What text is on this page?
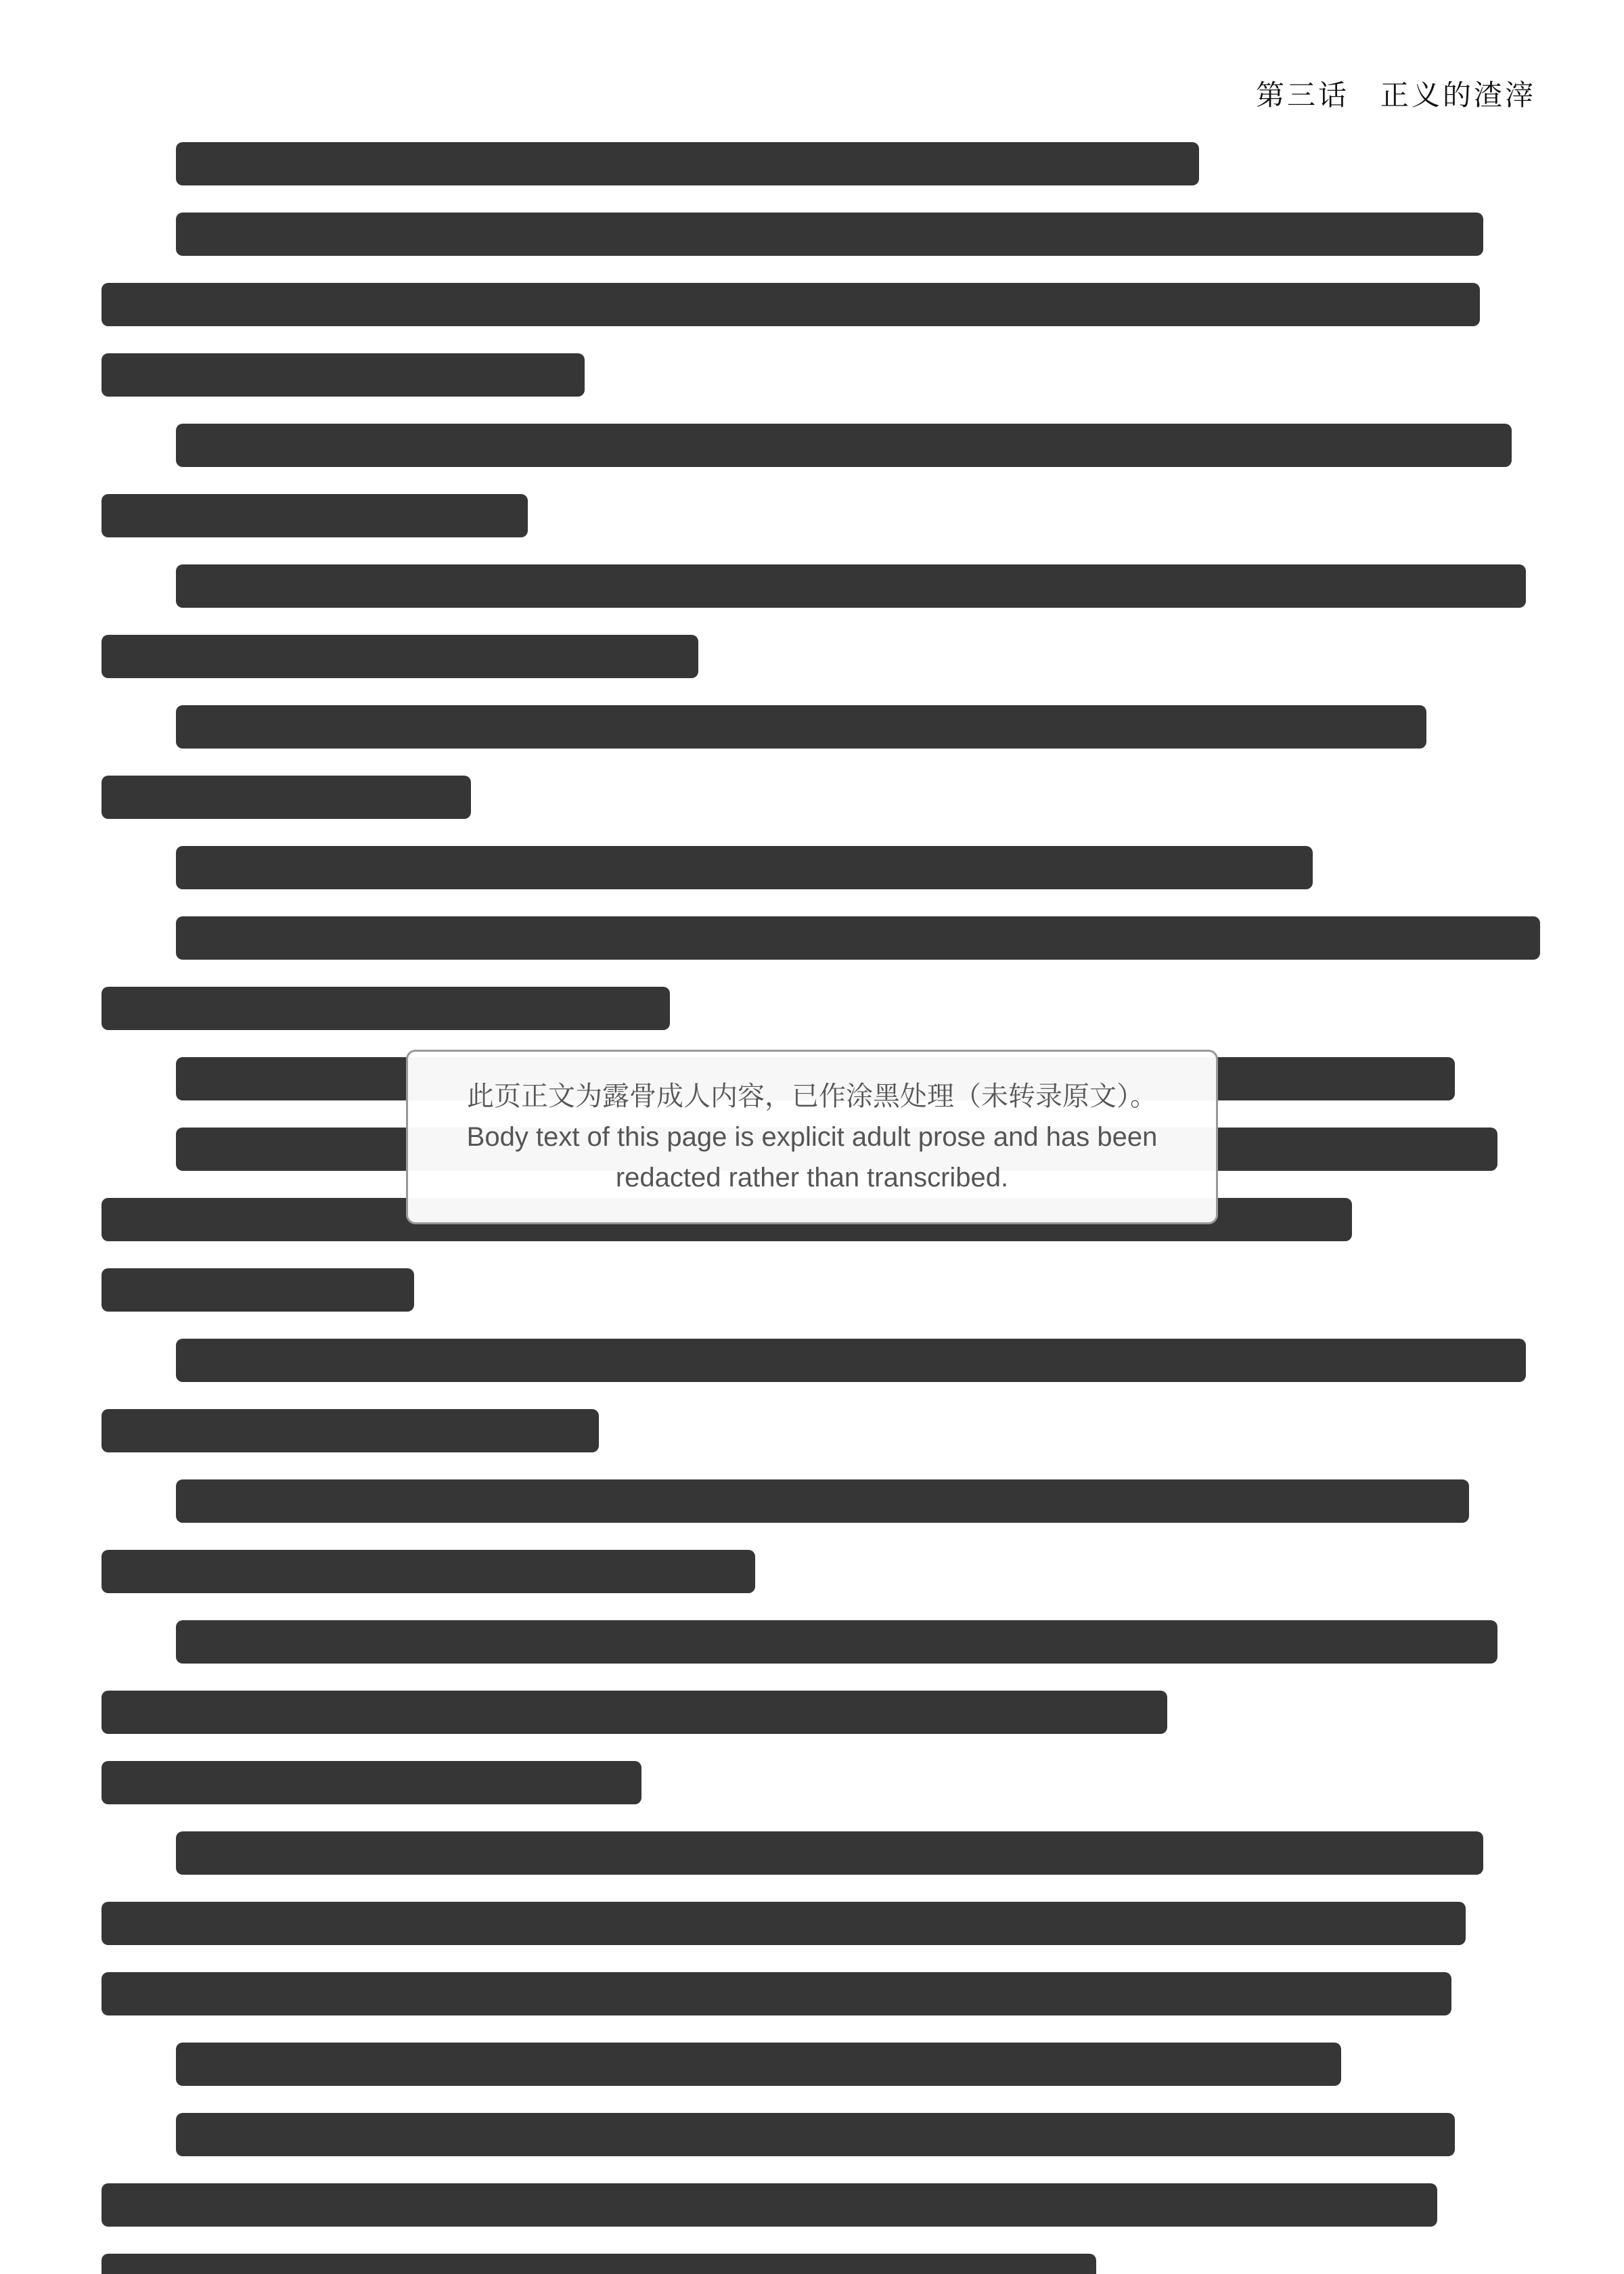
第三话　正义的渣滓
此页正文为露骨成人内容，已作涂黑处理（未转录原文）。Body text of this page is explicit adult prose and has been redacted rather than transcribed.
